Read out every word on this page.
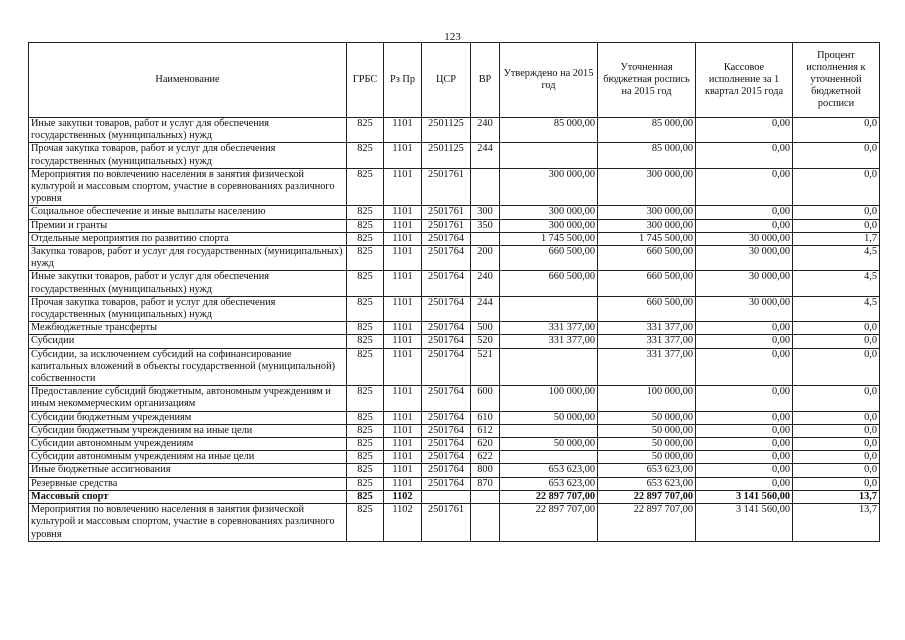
123
Наименование	ГРБС	Рз Пр	ЦСР	ВР	Утверждено на 2015 год	Уточненная бюджетная роспись на 2015 год	Кассовое исполнение за 1 квартал 2015 года	Процент исполнения к уточненной бюджетной росписи
Иные закупки товаров, работ и услуг для обеспечения государственных (муниципальных) нужд	825	1101	2501125	240	85 000,00	85 000,00	0,00	0,0
Прочая закупка товаров, работ и услуг для обеспечения государственных (муниципальных) нужд	825	1101	2501125	244		85 000,00	0,00	0,0
Мероприятия по вовлечению населения в занятия физической культурой и массовым спортом, участие в соревнованиях различного уровня	825	1101	2501761		300 000,00	300 000,00	0,00	0,0
Социальное обеспечение и иные выплаты населению	825	1101	2501761	300	300 000,00	300 000,00	0,00	0,0
Премии и гранты	825	1101	2501761	350	300 000,00	300 000,00	0,00	0,0
Отдельные мероприятия по развитию спорта	825	1101	2501764		1 745 500,00	1 745 500,00	30 000,00	1,7
Закупка товаров, работ и услуг для государственных (муниципальных) нужд	825	1101	2501764	200	660 500,00	660 500,00	30 000,00	4,5
Иные закупки товаров, работ и услуг для обеспечения государственных (муниципальных) нужд	825	1101	2501764	240	660 500,00	660 500,00	30 000,00	4,5
Прочая закупка товаров, работ и услуг для обеспечения государственных (муниципальных) нужд	825	1101	2501764	244		660 500,00	30 000,00	4,5
Межбюджетные трансферты	825	1101	2501764	500	331 377,00	331 377,00	0,00	0,0
Субсидии	825	1101	2501764	520	331 377,00	331 377,00	0,00	0,0
Субсидии, за исключением субсидий на софинансирование капитальных вложений в объекты государственной (муниципальной) собственности	825	1101	2501764	521		331 377,00	0,00	0,0
Предоставление субсидий бюджетным, автономным учреждениям и иным некоммерческим организациям	825	1101	2501764	600	100 000,00	100 000,00	0,00	0,0
Субсидии бюджетным учреждениям	825	1101	2501764	610	50 000,00	50 000,00	0,00	0,0
Субсидии бюджетным учреждениям на иные цели	825	1101	2501764	612		50 000,00	0,00	0,0
Субсидии автономным учреждениям	825	1101	2501764	620	50 000,00	50 000,00	0,00	0,0
Субсидии автономным учреждениям на иные цели	825	1101	2501764	622		50 000,00	0,00	0,0
Иные бюджетные ассигнования	825	1101	2501764	800	653 623,00	653 623,00	0,00	0,0
Резервные средства	825	1101	2501764	870	653 623,00	653 623,00	0,00	0,0
Массовый спорт	825	1102			22 897 707,00	22 897 707,00	3 141 560,00	13,7
Мероприятия по вовлечению населения в занятия физической культурой и массовым спортом, участие в соревнованиях различного уровня	825	1102	2501761		22 897 707,00	22 897 707,00	3 141 560,00	13,7
